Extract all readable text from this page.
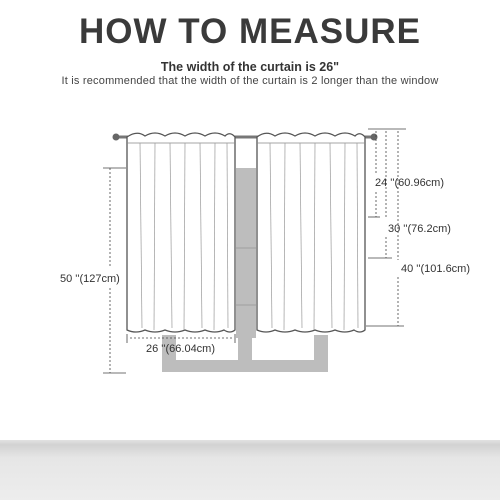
HOW TO MEASURE
The width of the curtain is 26"
It is recommended that the width of the curtain is 2 longer than the window
50 ''(127cm)
26 ''(66.04cm)
24 ''(60.96cm)
30 ''(76.2cm)
40 ''(101.6cm)
